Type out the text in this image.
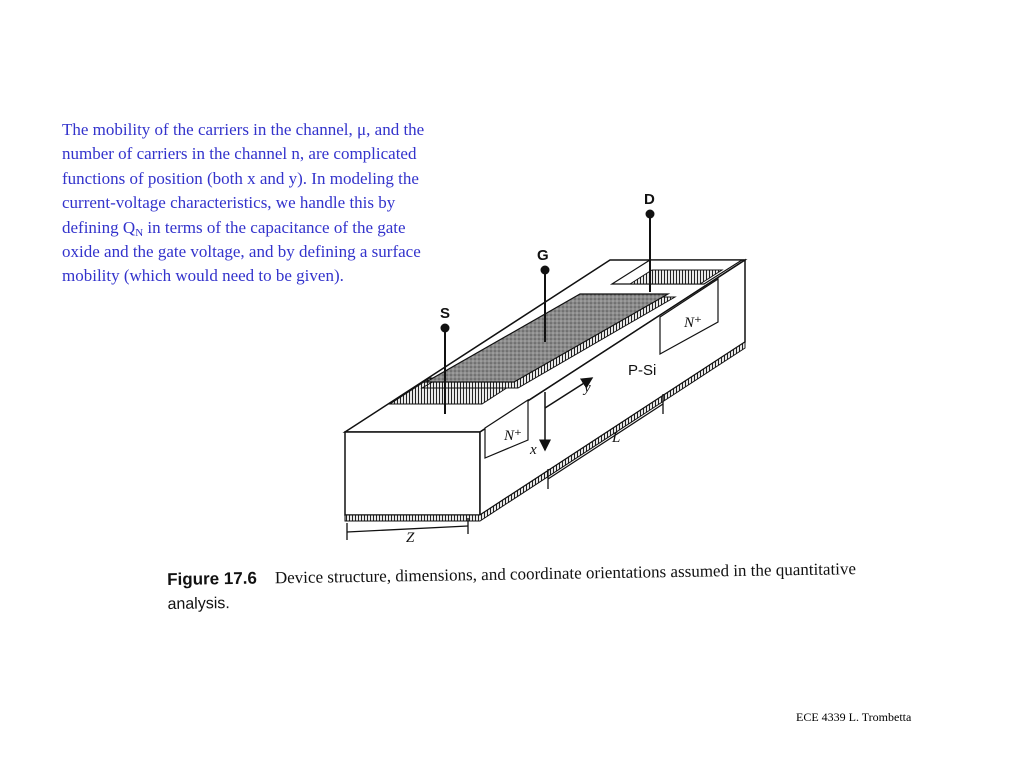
The mobility of the carriers in the channel, μ, and the
number of carriers in the channel n, are complicated
functions of position (both x and y). In modeling the
current-voltage characteristics, we handle this by
defining $Q_N$ in terms of the capacitance of the gate
oxide and the gate voltage, and by defining a surface
mobility (which would need to be given).
S
G
D
N⁺
N⁺
P-Si
y
x
L
Z
Figure 17.6 Device structure, dimensions, and coordinate orientations assumed in the quantitative
analysis.
ECE 4339 L. Trombetta
